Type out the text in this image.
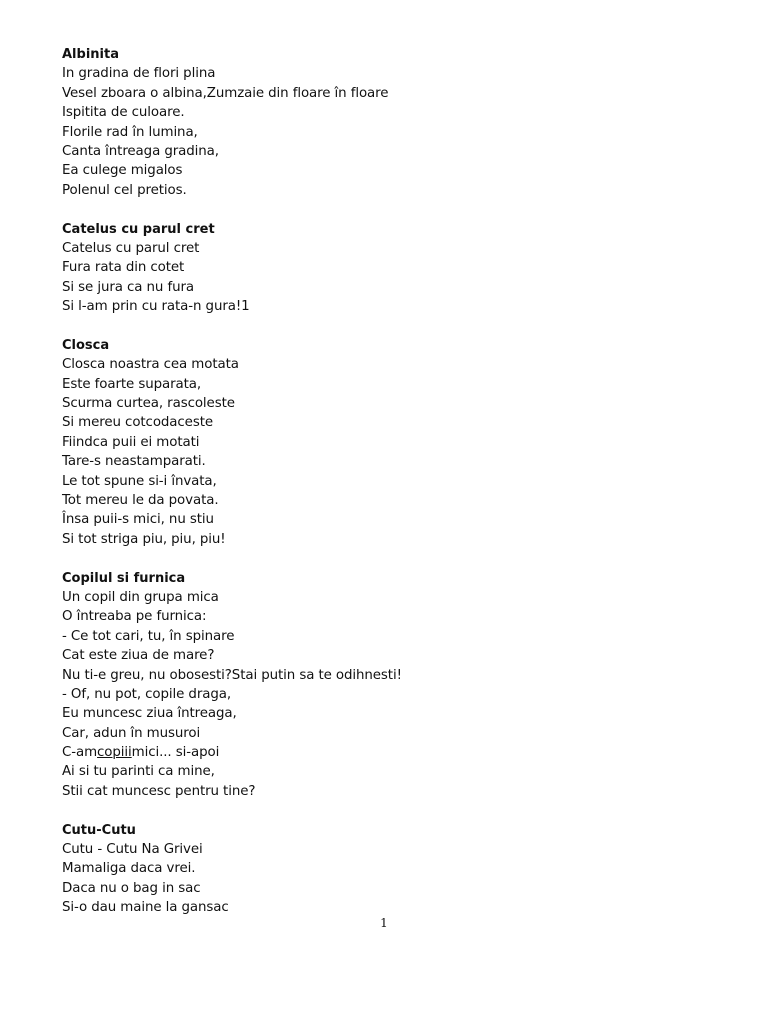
Albinita
In gradina de flori plina
Vesel zboara o albina,Zumzaie din floare în floare
Ispitita de culoare.
Florile rad în lumina,
Canta întreaga gradina,
Ea culege migalos
Polenul cel pretios.
Catelus cu parul cret
Catelus cu parul cret
Fura rata din cotet
Si se jura ca nu fura
Si l-am prin cu rata-n gura!1
Closca
Closca noastra cea motata
Este foarte suparata,
Scurma curtea, rascoleste
Si mereu cotcodaceste
Fiindca puii ei motati
Tare-s neastamparati.
Le tot spune si-i învata,
Tot mereu le da povata.
Însa puii-s mici, nu stiu
Si tot striga piu, piu, piu!
Copilul si furnica
Un copil din grupa mica
O întreaba pe furnica:
- Ce tot cari, tu, în spinare
Cat este ziua de mare?
Nu ti-e greu, nu obosesti?Stai putin sa te odihnesti!
- Of, nu pot, copile draga,
Eu muncesc ziua întreaga,
Car, adun în musuroi
C-amcopiiimici... si-apoi
Ai si tu parinti ca mine,
Stii cat muncesc pentru tine?
Cutu-Cutu
Cutu - Cutu Na Grivei
Mamaliga daca vrei.
Daca nu o bag in sac
Si-o dau maine la gansac
1
